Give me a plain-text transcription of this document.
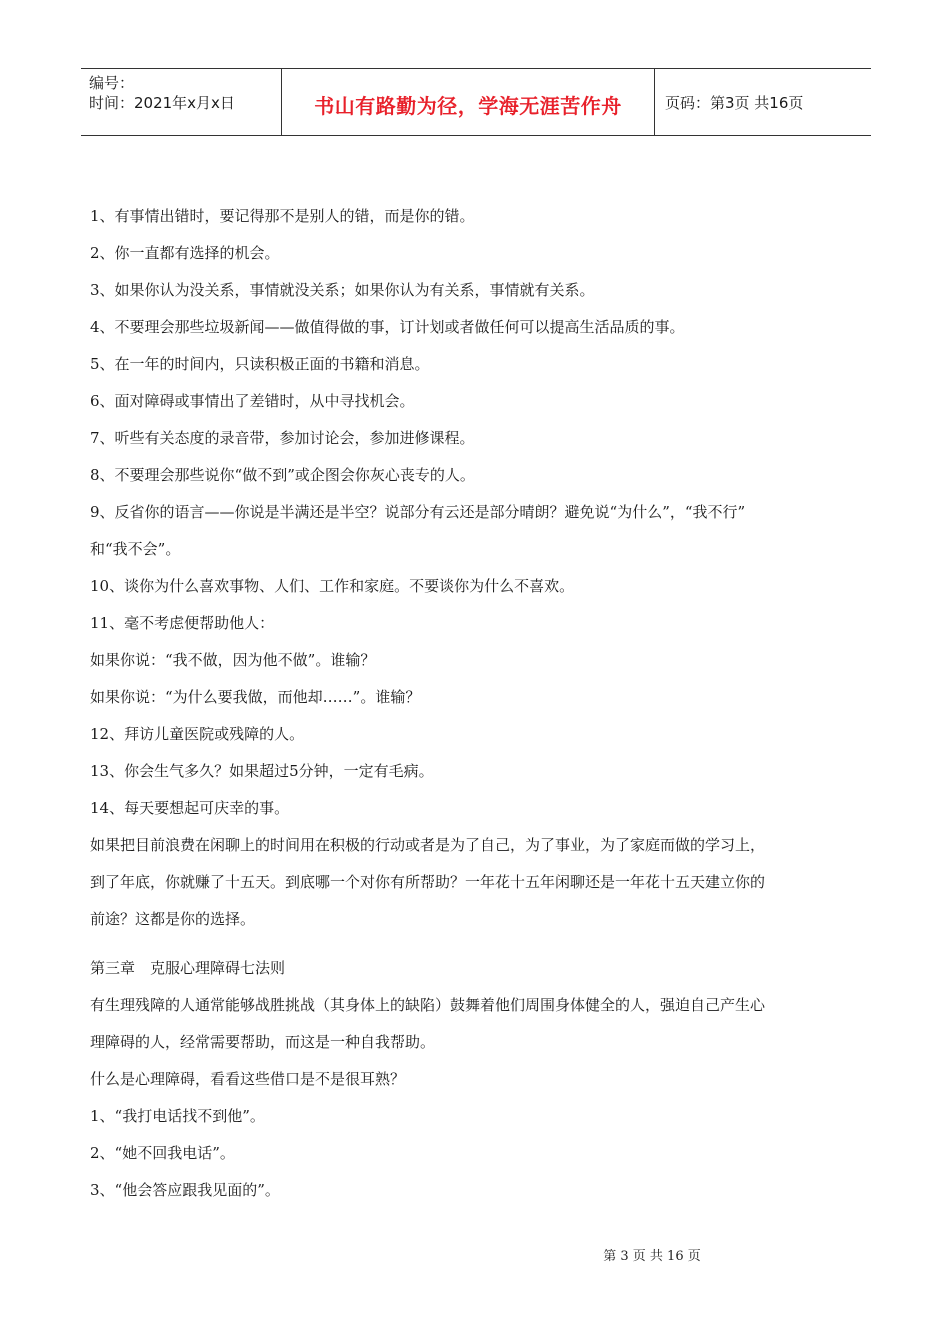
编号：
时间：2021年x月x日	书山有路勤为径，学海无涯苦作舟	页码：第3页 共16页

1、有事情出错时，要记得那不是别人的错，而是你的错。

2、你一直都有选择的机会。

3、如果你认为没关系，事情就没关系；如果你认为有关系，事情就有关系。

4、不要理会那些垃圾新闻——做值得做的事，订计划或者做任何可以提高生活品质的事。

5、在一年的时间内，只读积极正面的书籍和消息。

6、面对障碍或事情出了差错时，从中寻找机会。

7、听些有关态度的录音带，参加讨论会，参加进修课程。

8、不要理会那些说你“做不到”或企图会你灰心丧专的人。

9、反省你的语言——你说是半满还是半空？说部分有云还是部分晴朗？避免说“为什么”，“我不行”

和“我不会”。

10、谈你为什么喜欢事物、人们、工作和家庭。不要谈你为什么不喜欢。

11、毫不考虑便帮助他人：

如果你说：“我不做，因为他不做”。谁输？

如果你说：“为什么要我做，而他却……”。谁输？

12、拜访儿童医院或残障的人。

13、你会生气多久？如果超过5分钟，一定有毛病。

14、每天要想起可庆幸的事。

如果把目前浪费在闲聊上的时间用在积极的行动或者是为了自己，为了事业，为了家庭而做的学习上，

到了年底，你就赚了十五天。到底哪一个对你有所帮助？一年花十五年闲聊还是一年花十五天建立你的

前途？这都是你的选择。

第三章　克服心理障碍七法则

有生理残障的人通常能够战胜挑战（其身体上的缺陷）鼓舞着他们周围身体健全的人，强迫自己产生心

理障碍的人，经常需要帮助，而这是一种自我帮助。

什么是心理障碍，看看这些借口是不是很耳熟？

1、“我打电话找不到他”。

2、“她不回我电话”。

3、“他会答应跟我见面的”。

第 3 页 共 16 页
